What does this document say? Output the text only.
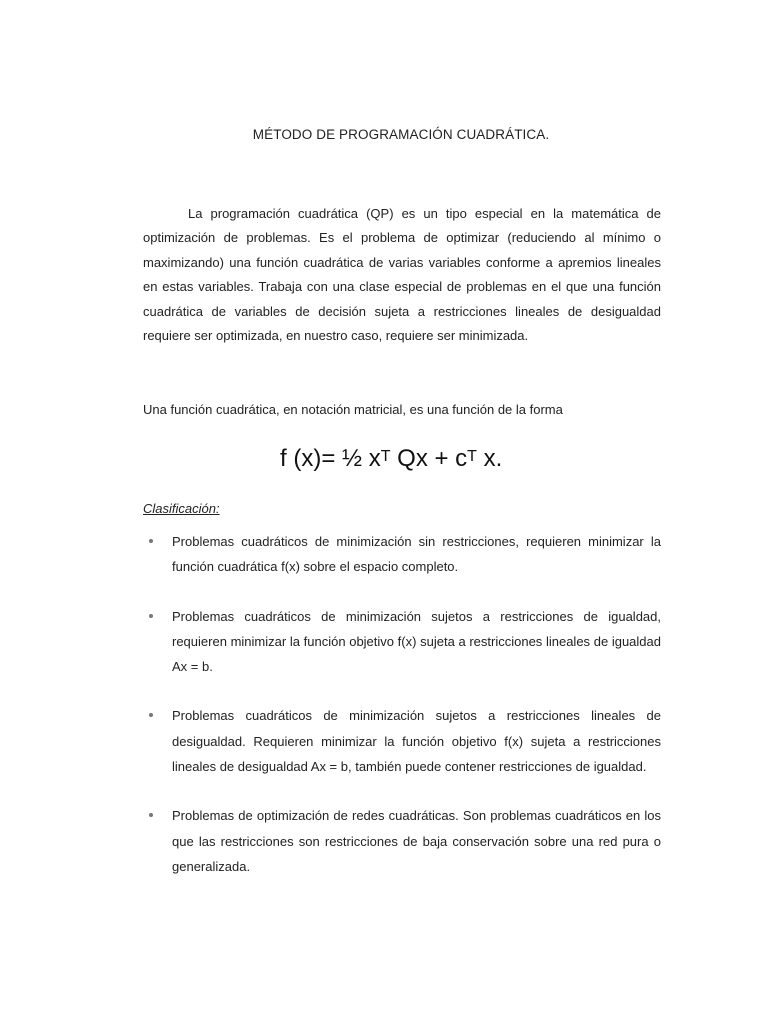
MÉTODO DE PROGRAMACIÓN CUADRÁTICA.

La programación cuadrática (QP) es un tipo especial en la matemática de optimización de problemas. Es el problema de optimizar (reduciendo al mínimo o maximizando) una función cuadrática de varias variables conforme a apremios lineales en estas variables. Trabaja con una clase especial de problemas en el que una función cuadrática de variables de decisión sujeta a restricciones lineales de desigualdad requiere ser optimizada, en nuestro caso, requiere ser minimizada.

Una función cuadrática, en notación matricial, es una función de la forma

f (x)= ½ $x^T$ $Qx + c^T$ x.
Clasificación:
Problemas cuadráticos de minimización sin restricciones, requieren minimizar la función cuadrática f(x) sobre el espacio completo.
Problemas cuadráticos de minimización sujetos a restricciones de igualdad, requieren minimizar la función objetivo f(x) sujeta a restricciones lineales de igualdad Ax = b.
Problemas cuadráticos de minimización sujetos a restricciones lineales de desigualdad. Requieren minimizar la función objetivo f(x) sujeta a restricciones lineales de desigualdad Ax = b, también puede contener restricciones de igualdad.
Problemas de optimización de redes cuadráticas. Son problemas cuadráticos en los que las restricciones son restricciones de baja conservación sobre una red pura o generalizada.
